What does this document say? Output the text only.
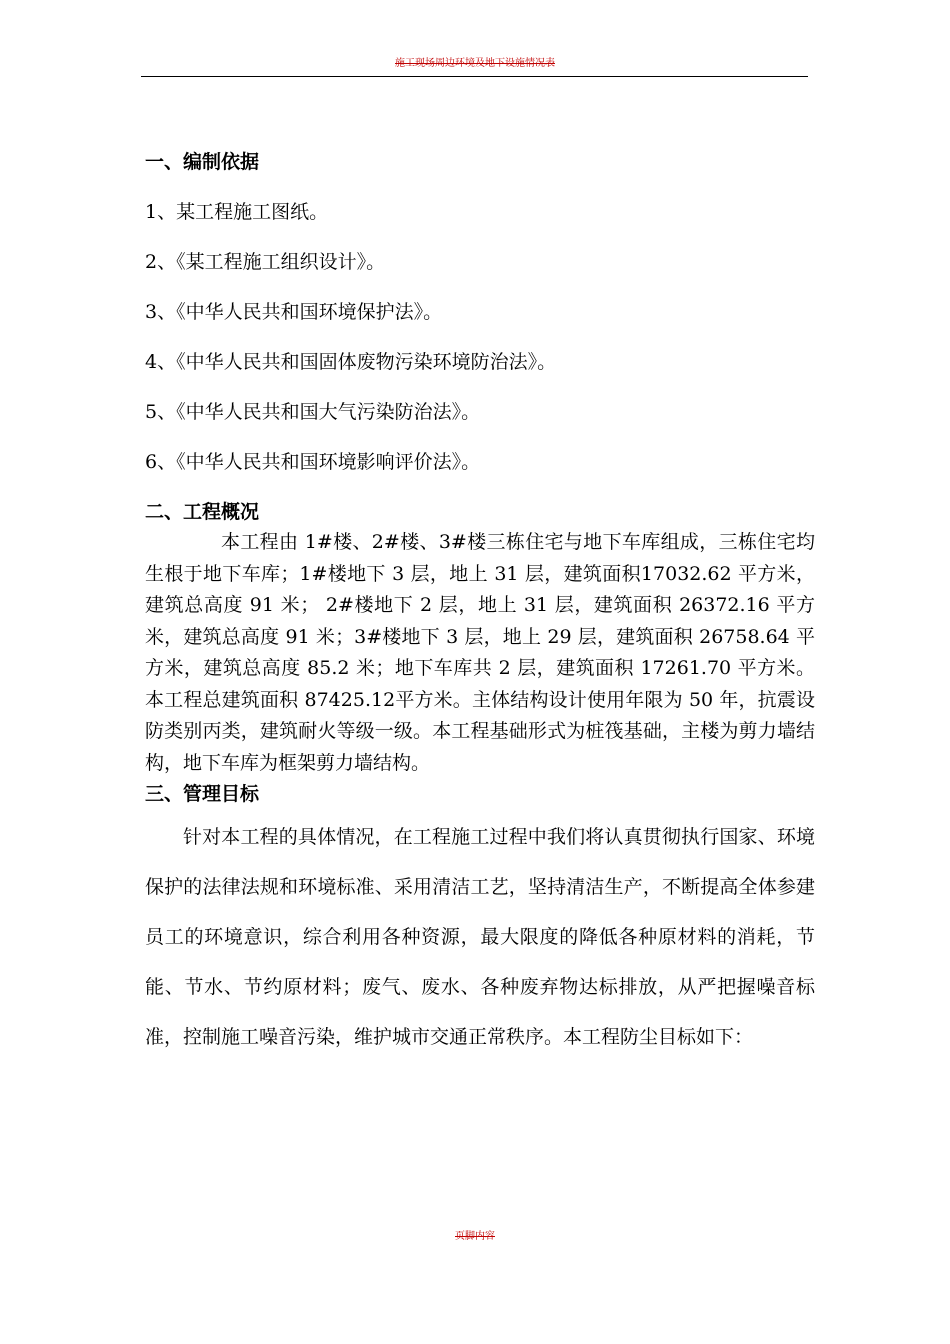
施工现场周边环境及地下设施情况表

一、编制依据

1、某工程施工图纸。

2、《某工程施工组织设计》。

3、《中华人民共和国环境保护法》。

4、《中华人民共和国固体废物污染环境防治法》。

5、《中华人民共和国大气污染防治法》。

6、《中华人民共和国环境影响评价法》。

二、工程概况

本工程由 1#楼、2#楼、3#楼三栋住宅与地下车库组成，三栋住宅均生根于地下车库；1#楼地下 3 层，地上 31 层，建筑面积17032.62 平方米，建筑总高度 91 米； 2#楼地下 2 层，地上 31 层，建筑面积 26372.16 平方米，建筑总高度 91 米；3#楼地下 3 层，地上 29 层，建筑面积 26758.64 平方米，建筑总高度 85.2 米；地下车库共 2 层，建筑面积 17261.70 平方米。本工程总建筑面积 87425.12平方米。主体结构设计使用年限为 50 年，抗震设防类别丙类，建筑耐火等级一级。本工程基础形式为桩筏基础，主楼为剪力墙结构，地下车库为框架剪力墙结构。

三、管理目标

针对本工程的具体情况，在工程施工过程中我们将认真贯彻执行国家、环境保护的法律法规和环境标准、采用清洁工艺，坚持清洁生产，不断提高全体参建员工的环境意识，综合利用各种资源，最大限度的降低各种原材料的消耗，节能、节水、节约原材料；废气、废水、各种废弃物达标排放，从严把握噪音标准，控制施工噪音污染，维护城市交通正常秩序。本工程防尘目标如下：

页脚内容
